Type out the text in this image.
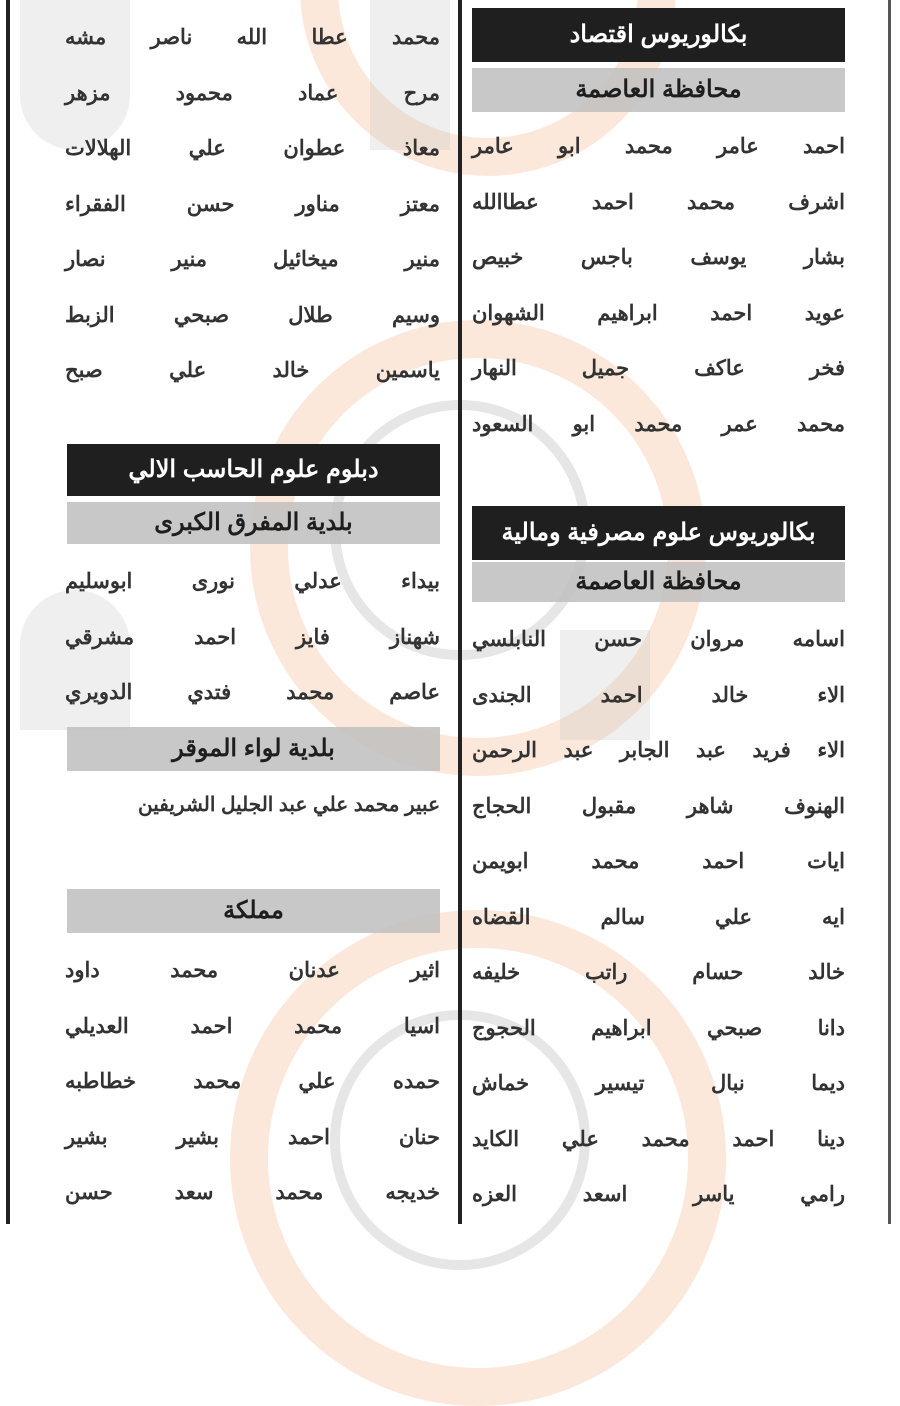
بكالوريوس اقتصاد
محافظة العاصمة
احمد
عامر
محمد
ابو
عامر
اشرف
محمد
احمد
عطاالله
بشار
يوسف
باجس
خبيص
عويد
احمد
ابراهيم
الشهوان
فخر
عاكف
جميل
النهار
محمد
عمر
محمد
ابو
السعود
بكالوريوس علوم مصرفية ومالية
محافظة العاصمة
اسامه
مروان
حسن
النابلسي
الاء
خالد
احمد
الجندى
الاء
فريد
عبد
الجابر
عبد
الرحمن
الهنوف
شاهر
مقبول
الحجاج
ايات
احمد
محمد
ابويمن
ايه
علي
سالم
القضاه
خالد
حسام
راتب
خليفه
دانا
صبحي
ابراهيم
الحجوج
ديما
نبال
تيسير
خماش
دينا
احمد
محمد
علي
الكايد
رامي
ياسر
اسعد
العزه
محمد
عطا
الله
ناصر
مشه
مرح
عماد
محمود
مزهر
معاذ
عطوان
علي
الهلالات
معتز
مناور
حسن
الفقراء
منير
ميخائيل
منير
نصار
وسيم
طلال
صبحي
الزبط
ياسمين
خالد
علي
صبح
دبلوم علوم الحاسب الالي
بلدية المفرق الكبرى
بيداء
عدلي
نورى
ابوسليم
شهناز
فايز
احمد
مشرقي
عاصم
محمد
فتدي
الدويري
بلدية لواء الموقر
عبير محمد علي عبد الجليل الشريفين
مملكة
اثير
عدنان
محمد
داود
اسيا
محمد
احمد
العديلي
حمده
علي
محمد
خطاطبه
حنان
احمد
بشير
بشير
خديجه
محمد
سعد
حسن
